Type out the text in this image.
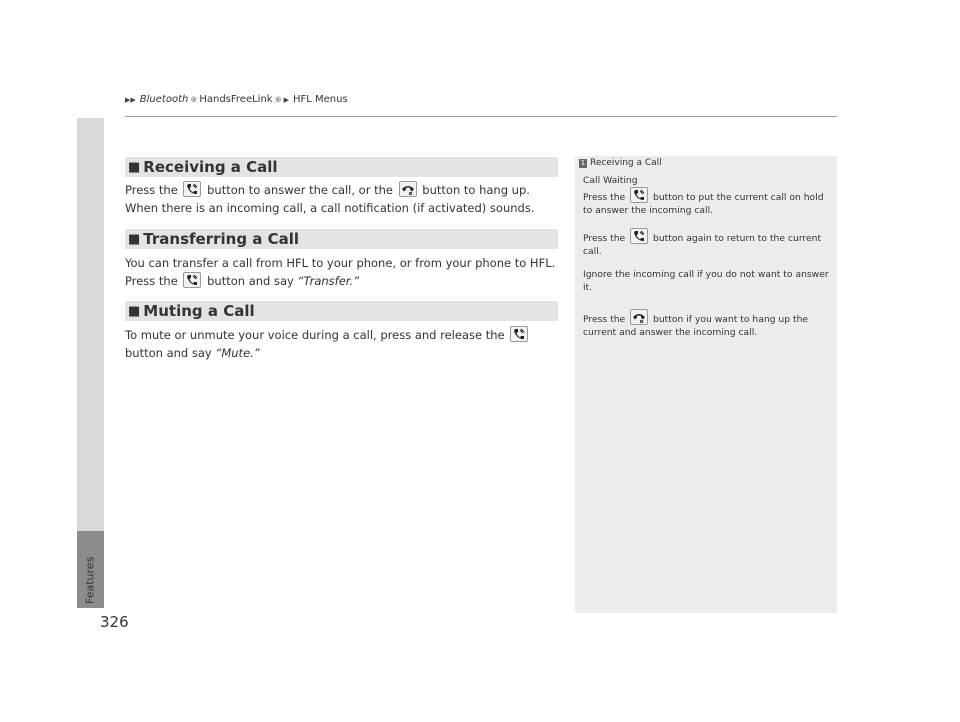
Features
▶▶ Bluetooth ® HandsFreeLink ® ▶ HFL Menus
■ Receiving a Call
Press the	button to answer the call, or the	button to hang up. When there is an incoming call, a call notification (if activated) sounds.
■ Transferring a Call
You can transfer a call from HFL to your phone, or from your phone to HFL. Press the	button and say “Transfer.”
■ Muting a Call
To mute or unmute your voice during a call, press and release the
button and say “Mute.”
1 Receiving a Call
Call Waiting
Press the	button to put the current call on hold to answer the incoming call.
Press the	button again to return to the current call.
Ignore the incoming call if you do not want to answer it.
Press the	button if you want to hang up the current and answer the incoming call.
326
